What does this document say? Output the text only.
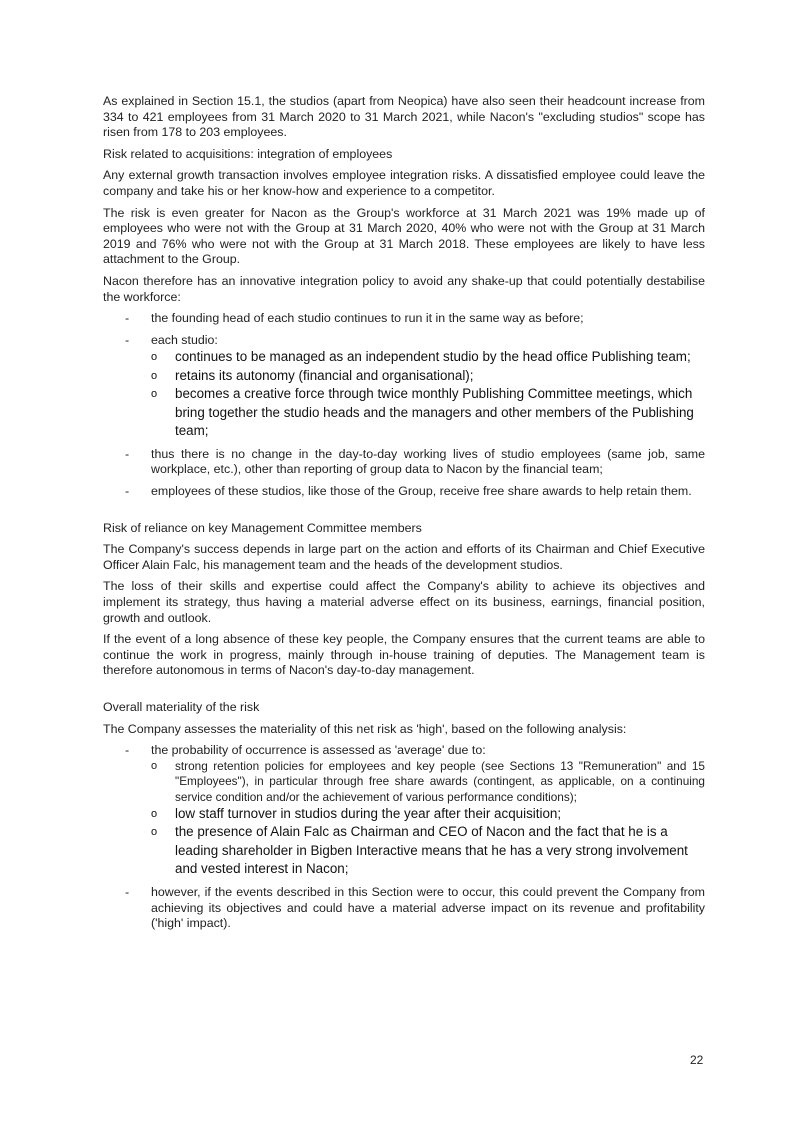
As explained in Section 15.1, the studios (apart from Neopica) have also seen their headcount increase from 334 to 421 employees from 31 March 2020 to 31 March 2021, while Nacon's "excluding studios" scope has risen from 178 to 203 employees.

Risk related to acquisitions: integration of employees

Any external growth transaction involves employee integration risks. A dissatisfied employee could leave the company and take his or her know-how and experience to a competitor.

The risk is even greater for Nacon as the Group's workforce at 31 March 2021 was 19% made up of employees who were not with the Group at 31 March 2020, 40% who were not with the Group at 31 March 2019 and 76% who were not with the Group at 31 March 2018. These employees are likely to have less attachment to the Group.

Nacon therefore has an innovative integration policy to avoid any shake-up that could potentially destabilise the workforce:

- the founding head of each studio continues to run it in the same way as before;
- each studio:
o continues to be managed as an independent studio by the head office Publishing team;
o retains its autonomy (financial and organisational);
o becomes a creative force through twice monthly Publishing Committee meetings, which bring together the studio heads and the managers and other members of the Publishing team;
- thus there is no change in the day-to-day working lives of studio employees (same job, same workplace, etc.), other than reporting of group data to Nacon by the financial team;
- employees of these studios, like those of the Group, receive free share awards to help retain them.

Risk of reliance on key Management Committee members

The Company's success depends in large part on the action and efforts of its Chairman and Chief Executive Officer Alain Falc, his management team and the heads of the development studios.

The loss of their skills and expertise could affect the Company's ability to achieve its objectives and implement its strategy, thus having a material adverse effect on its business, earnings, financial position, growth and outlook.

If the event of a long absence of these key people, the Company ensures that the current teams are able to continue the work in progress, mainly through in-house training of deputies. The Management team is therefore autonomous in terms of Nacon's day-to-day management.

Overall materiality of the risk

The Company assesses the materiality of this net risk as 'high', based on the following analysis:

- the probability of occurrence is assessed as 'average' due to:
o strong retention policies for employees and key people (see Sections 13 "Remuneration" and 15 "Employees"), in particular through free share awards (contingent, as applicable, on a continuing service condition and/or the achievement of various performance conditions);
o low staff turnover in studios during the year after their acquisition;
o the presence of Alain Falc as Chairman and CEO of Nacon and the fact that he is a leading shareholder in Bigben Interactive means that he has a very strong involvement and vested interest in Nacon;
- however, if the events described in this Section were to occur, this could prevent the Company from achieving its objectives and could have a material adverse impact on its revenue and profitability ('high' impact).
22
